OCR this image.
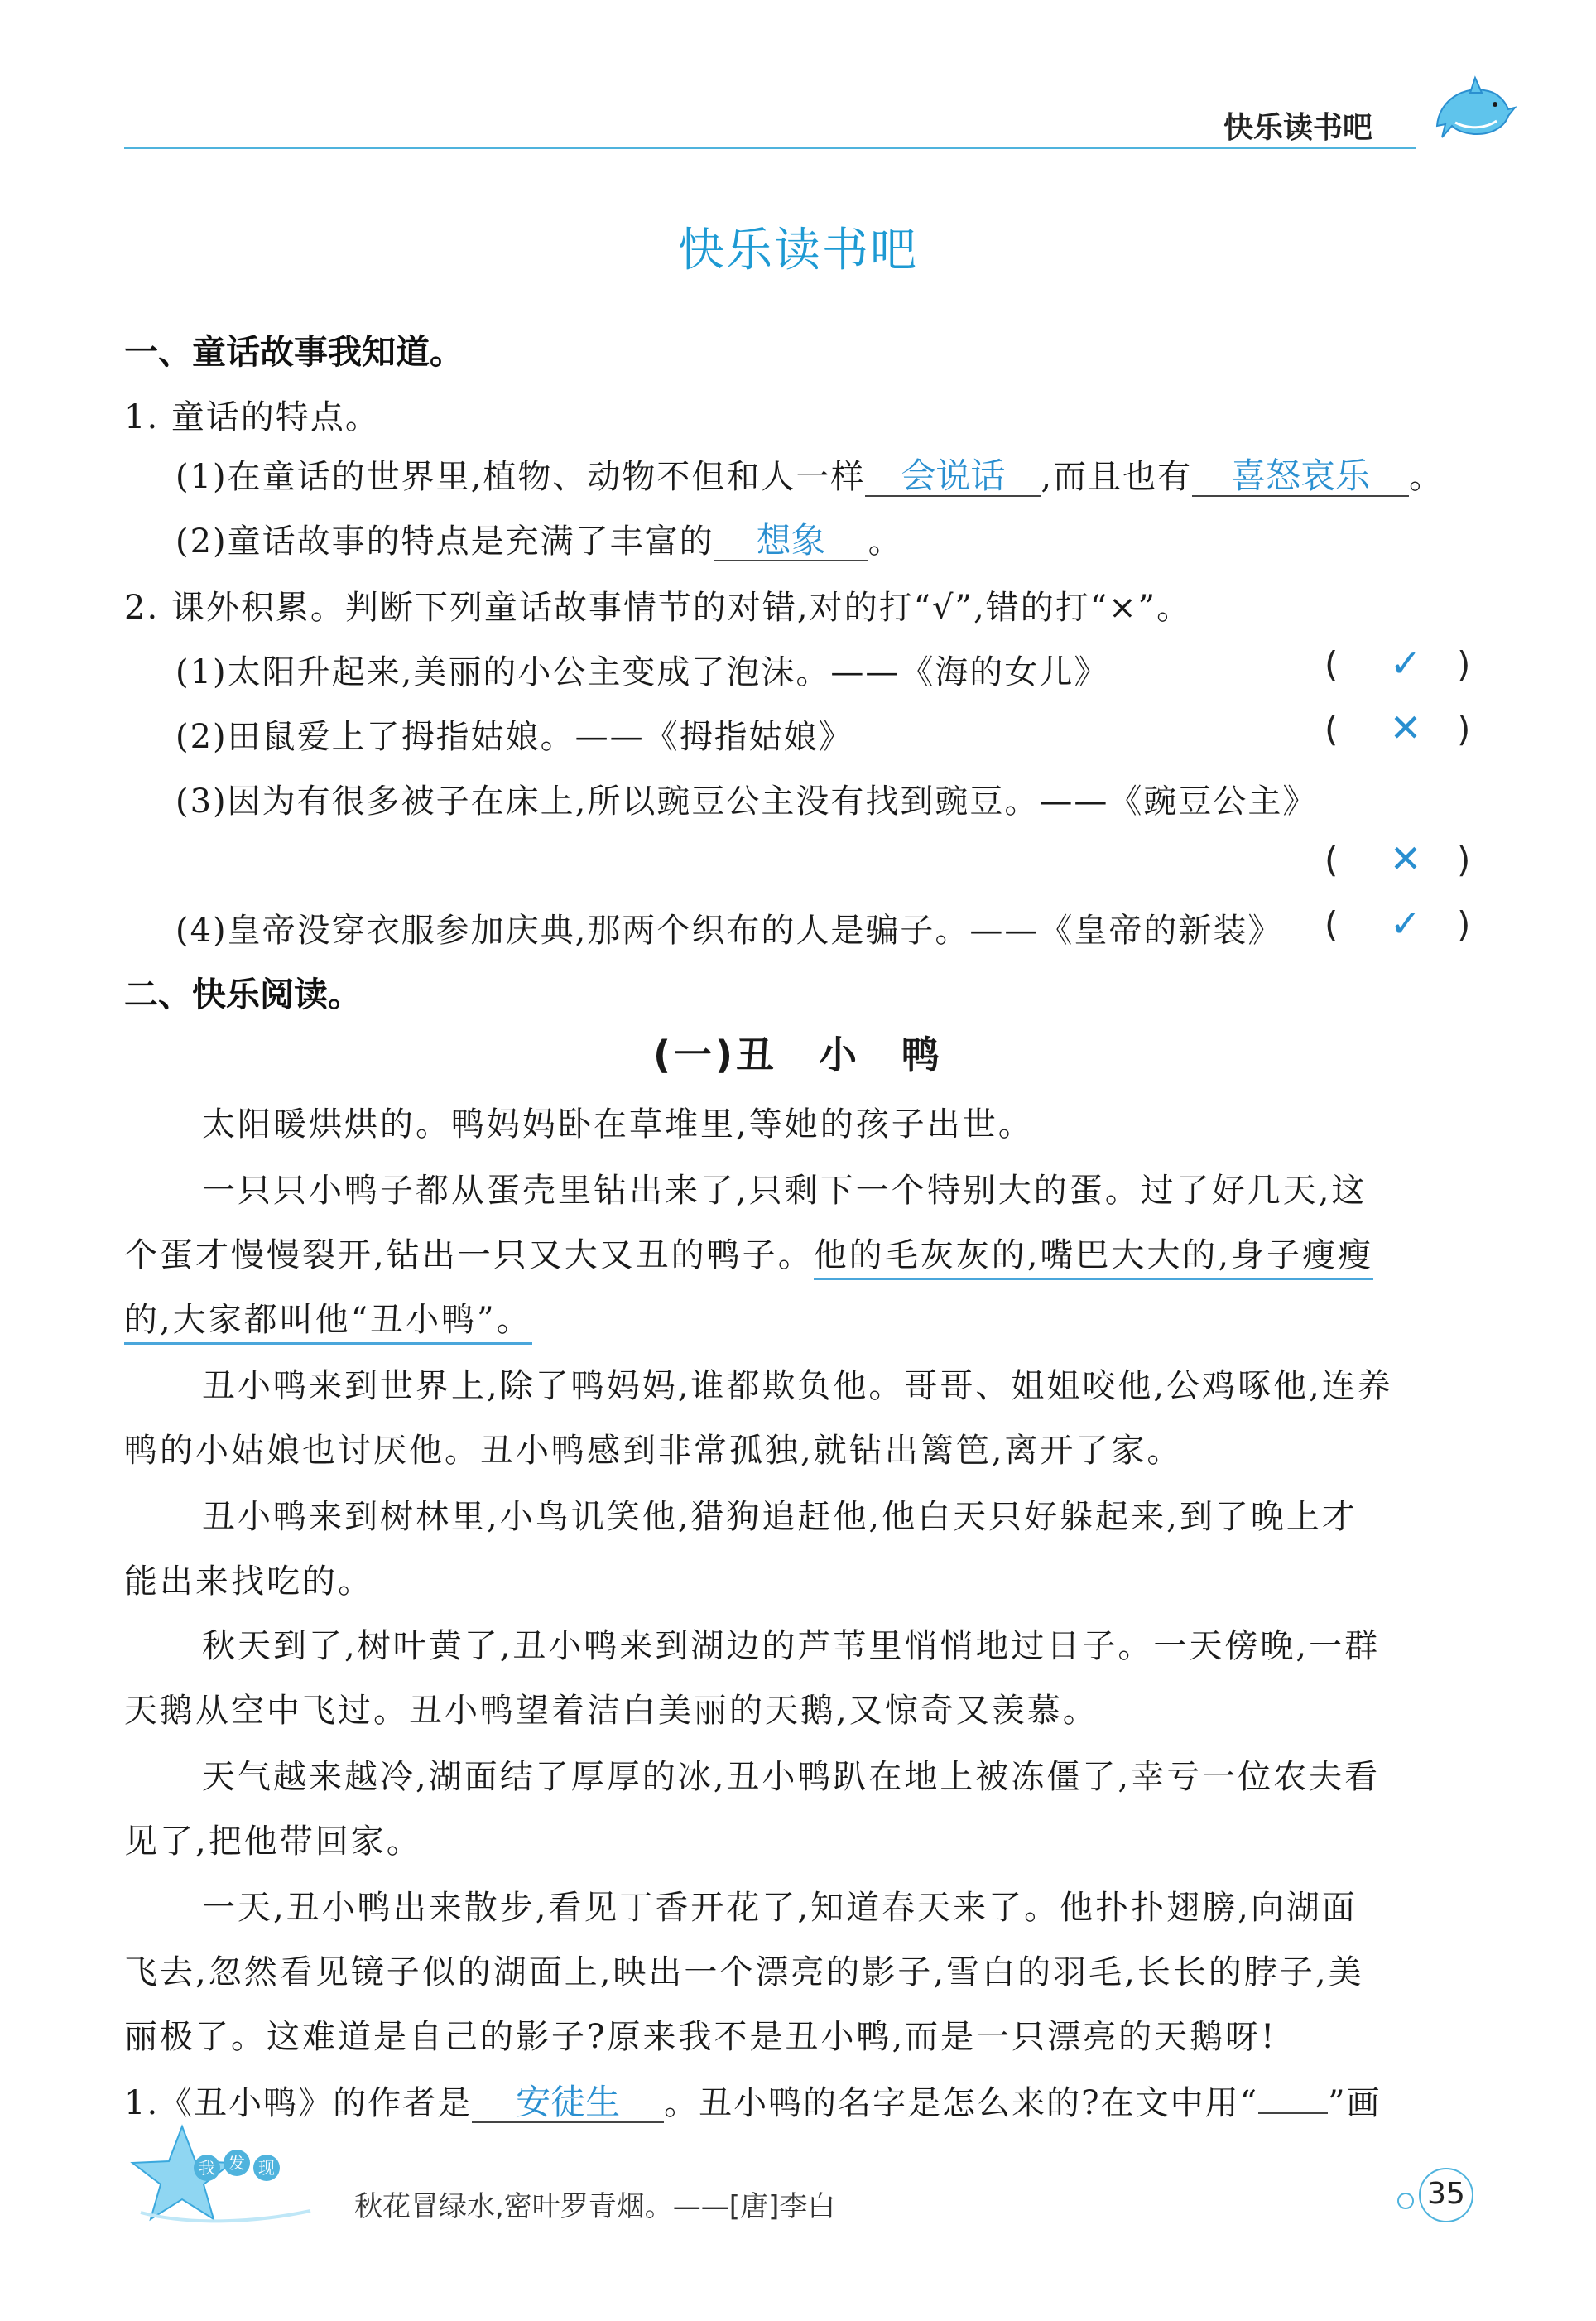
快乐读书吧
快乐读书吧
一、童话故事我知道。
1. 童话的特点。
(1)在童话的世界里,植物、动物不但和人一样 会说话 ,而且也有 喜怒哀乐 。
(2)童话故事的特点是充满了丰富的 想象 。
2. 课外积累。判断下列童话故事情节的对错,对的打“√”,错的打“×”。
(1)太阳升起来,美丽的小公主变成了泡沫。——《海的女儿》	( ✓ )
(2)田鼠爱上了拇指姑娘。——《拇指姑娘》	( ✕ )
(3)因为有很多被子在床上,所以豌豆公主没有找到豌豆。——《豌豆公主》
( ✕ )
(4)皇帝没穿衣服参加庆典,那两个织布的人是骗子。——《皇帝的新装》 ( ✓ )
二、快乐阅读。
(一)丑　小　鸭
太阳暖烘烘的。鸭妈妈卧在草堆里,等她的孩子出世。
一只只小鸭子都从蛋壳里钻出来了,只剩下一个特别大的蛋。过了好几天,这
个蛋才慢慢裂开,钻出一只又大又丑的鸭子。他的毛灰灰的,嘴巴大大的,身子瘦瘦
的,大家都叫他“丑小鸭”。
丑小鸭来到世界上,除了鸭妈妈,谁都欺负他。哥哥、姐姐咬他,公鸡啄他,连养
鸭的小姑娘也讨厌他。丑小鸭感到非常孤独,就钻出篱笆,离开了家。
丑小鸭来到树林里,小鸟讥笑他,猎狗追赶他,他白天只好躲起来,到了晚上才
能出来找吃的。
秋天到了,树叶黄了,丑小鸭来到湖边的芦苇里悄悄地过日子。一天傍晚,一群
天鹅从空中飞过。丑小鸭望着洁白美丽的天鹅,又惊奇又羡慕。
天气越来越冷,湖面结了厚厚的冰,丑小鸭趴在地上被冻僵了,幸亏一位农夫看
见了,把他带回家。
一天,丑小鸭出来散步,看见丁香开花了,知道春天来了。他扑扑翅膀,向湖面
飞去,忽然看见镜子似的湖面上,映出一个漂亮的影子,雪白的羽毛,长长的脖子,美
丽极了。这难道是自己的影子?原来我不是丑小鸭,而是一只漂亮的天鹅呀!
1.《丑小鸭》的作者是 安徒生 。丑小鸭的名字是怎么来的?在文中用“ ”画
我 发 现
秋花冒绿水,密叶罗青烟。——[唐]李白	35
